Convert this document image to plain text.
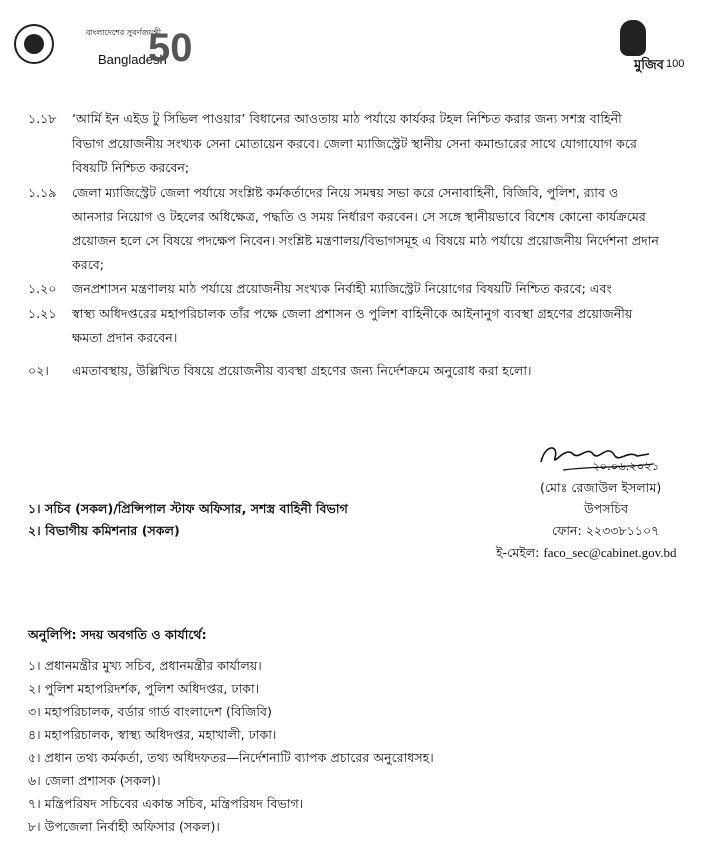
বাংলাদেশের সুবর্ণজয়ন্তী
Bangladesh
50	মুজিব 100
১.১৮ ‘আর্মি ইন এইড টু সিভিল পাওয়ার’ বিধানের আওতায় মাঠ পর্যায়ে কার্যকর টহল নিশ্চিত করার জন্য সশস্ত্র বাহিনী
বিভাগ প্রয়োজনীয় সংখ্যক সেনা মোতায়েন করবে। জেলা ম্যাজিস্ট্রেট স্থানীয় সেনা কমান্ডারের সাথে যোগাযোগ করে
বিষয়টি নিশ্চিত করবেন;
১.১৯ জেলা ম্যাজিস্ট্রেট জেলা পর্যায়ে সংশ্লিষ্ট কর্মকর্তাদের নিয়ে সমন্বয় সভা করে সেনাবাহিনী, বিজিবি, পুলিশ, র‍্যাব ও
আনসার নিয়োগ ও টহলের অধিক্ষেত্র, পদ্ধতি ও সময় নির্ধারণ করবেন। সে সঙ্গে স্থানীয়ভাবে বিশেষ কোনো কার্যক্রমের
প্রয়োজন হলে সে বিষয়ে পদক্ষেপ নিবেন। সংশ্লিষ্ট মন্ত্রণালয়/বিভাগসমূহ এ বিষয়ে মাঠ পর্যায়ে প্রয়োজনীয় নির্দেশনা প্রদান
করবে;
১.২০ জনপ্রশাসন মন্ত্রণালয় মাঠ পর্যায়ে প্রয়োজনীয় সংখ্যক নির্বাহী ম্যাজিস্ট্রেট নিয়োগের বিষয়টি নিশ্চিত করবে; এবং
১.২১ স্বাস্থ্য অধিদপ্তরের মহাপরিচালক তাঁর পক্ষে জেলা প্রশাসন ও পুলিশ বাহিনীকে আইনানুগ ব্যবস্থা গ্রহণের প্রয়োজনীয়
ক্ষমতা প্রদান করবেন।
০২। এমতাবস্থায়, উল্লিখিত বিষয়ে প্রয়োজনীয় ব্যবস্থা গ্রহণের জন্য নির্দেশক্রমে অনুরোধ করা হলো।
২০.০৬.২০২১
(মোঃ রেজাউল ইসলাম)
উপসচিব
ফোন: ২২৩৩৮১১০৭
ই-মেইল: faco_sec@cabinet.gov.bd
১। সচিব (সকল)/প্রিন্সিপাল স্টাফ অফিসার, সশস্ত্র বাহিনী বিভাগ
২। বিভাগীয় কমিশনার (সকল)
অনুলিপি: সদয় অবগতি ও কার্যার্থে:
১। প্রধানমন্ত্রীর মুখ্য সচিব, প্রধানমন্ত্রীর কার্যালয়।
২। পুলিশ মহাপরিদর্শক, পুলিশ অধিদপ্তর, ঢাকা।
৩। মহাপরিচালক, বর্ডার গার্ড বাংলাদেশ (বিজিবি)
৪। মহাপরিচালক, স্বাস্থ্য অধিদপ্তর, মহাখালী, ঢাকা।
৫। প্রধান তথ্য কর্মকর্তা, তথ্য অধিদফতর—নির্দেশনাটি ব্যাপক প্রচারের অনুরোধসহ।
৬। জেলা প্রশাসক (সকল)।
৭। মন্ত্রিপরিষদ সচিবের একান্ত সচিব, মন্ত্রিপরিষদ বিভাগ।
৮। উপজেলা নির্বাহী অফিসার (সকল)।
